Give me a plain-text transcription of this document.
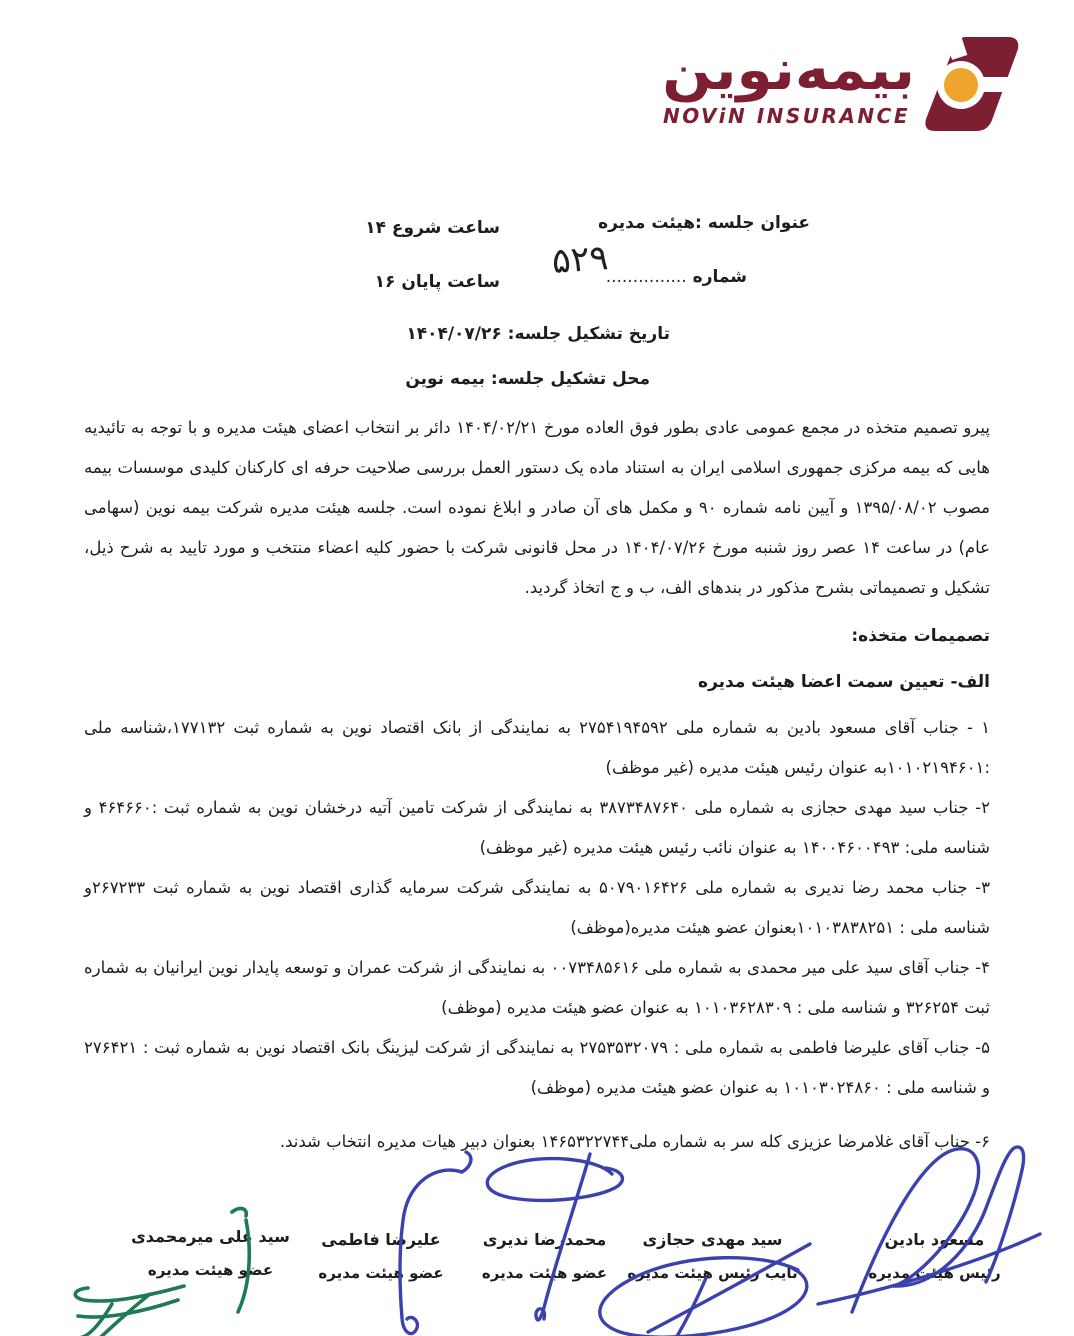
بیمه‌نوین
NOViN INSURANCE
عنوان جلسه :هیئت مدیره
ساعت شروع ۱۴
شماره ...............
۵۲۹
ساعت پایان ۱۶
تاریخ تشکیل جلسه: ۱۴۰۴/۰۷/۲۶
محل تشکیل جلسه: بیمه نوین

پیرو تصمیم متخذه در مجمع عمومی عادی بطور فوق العاده مورخ ۱۴۰۴/۰۲/۲۱ دائر بر انتخاب اعضای هیئت مدیره و با توجه به تائیدیه هایی که بیمه مرکزی جمهوری اسلامی ایران به استناد ماده یک دستور العمل بررسی صلاحیت حرفه ای کارکنان کلیدی موسسات بیمه مصوب ۱۳۹۵/۰۸/۰۲ و آیین نامه شماره ۹۰ و مکمل های آن صادر و ابلاغ نموده است. جلسه هیئت مدیره شرکت بیمه نوین (سهامی عام) در ساعت ۱۴ عصر روز شنبه مورخ ۱۴۰۴/۰۷/۲۶ در محل قانونی شرکت با حضور کلیه اعضاء منتخب و مورد تایید به شرح ذیل، تشکیل و تصمیماتی بشرح مذکور در بندهای الف، ب و ج اتخاذ گردید.

تصمیمات متخذه:

الف- تعیین سمت اعضا هیئت مدیره

۱ - جناب آقای مسعود بادین به شماره ملی ۲۷۵۴۱۹۴۵۹۲ به نمایندگی از بانک اقتصاد نوین به شماره ثبت ۱۷۷۱۳۲،شناسه ملی :۱۰۱۰۲۱۹۴۶۰۱به عنوان رئیس هیئت مدیره (غیر موظف)

۲- جناب سید مهدی حجازی به شماره ملی ۳۸۷۳۴۸۷۶۴۰ به نمایندگی از شرکت تامین آتیه درخشان نوین به شماره ثبت :۴۶۴۶۶۰ و شناسه ملی: ۱۴۰۰۴۶۰۰۴۹۳ به عنوان نائب رئیس هیئت مدیره (غیر موظف)

۳- جناب محمد رضا ندیری به شماره ملی ۵۰۷۹۰۱۶۴۲۶ به نمایندگی شرکت سرمایه گذاری اقتصاد نوین به شماره ثبت ۲۶۷۲۳۳و شناسه ملی : ۱۰۱۰۳۸۳۸۲۵۱بعنوان عضو هیئت مدیره(موظف)

۴- جناب آقای سید علی میر محمدی به شماره ملی ۰۰۷۳۴۸۵۶۱۶ به نمایندگی از شرکت عمران و توسعه پایدار نوین ایرانیان به شماره ثبت ۳۲۶۲۵۴ و شناسه ملی : ۱۰۱۰۳۶۲۸۳۰۹ به عنوان عضو هیئت مدیره (موظف)

۵- جناب آقای علیرضا فاطمی به شماره ملی : ۲۷۵۳۵۳۲۰۷۹ به نمایندگی از شرکت لیزینگ بانک اقتصاد نوین به شماره ثبت : ۲۷۶۴۲۱ و شناسه ملی : ۱۰۱۰۳۰۲۴۸۶۰ به عنوان عضو هیئت مدیره (موظف)

۶- جناب آقای غلامرضا عزیزی کله سر به شماره ملی۱۴۶۵۳۲۲۷۴۴ بعنوان دبیر هیات مدیره انتخاب شدند.

مسعود بادین
رئیس هیئت مدیره
سید مهدی حجازی
نایب رئیس هیئت مدیره
محمدرضا ندیری
عضو هیئت مدیره
علیرضا فاطمی
عضو هیئت مدیره
سید علی میرمحمدی
عضو هیئت مدیره
